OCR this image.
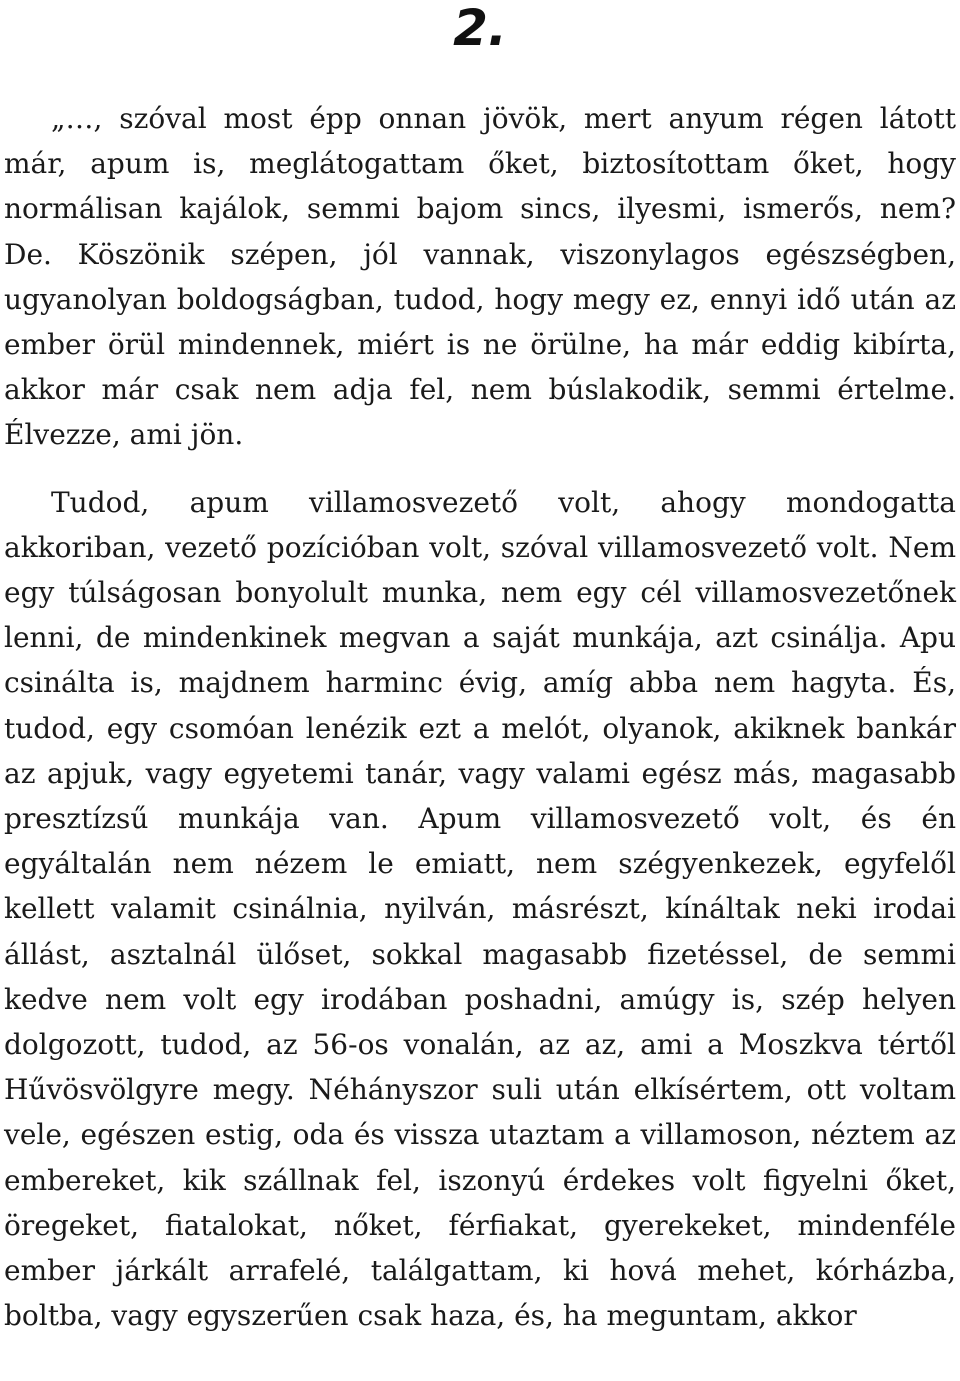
2.

„…, szóval most épp onnan jövök, mert anyum régen látott már, apum is, meglátogattam őket, biztosítottam őket, hogy normálisan kajálok, semmi bajom sincs, ilyesmi, ismerős, nem? De. Köszönik szépen, jól vannak, viszonylagos egészségben, ugyanolyan boldogságban, tudod, hogy megy ez, ennyi idő után az ember örül mindennek, miért is ne örülne, ha már eddig kibírta, akkor már csak nem adja fel, nem búslakodik, semmi értelme. Élvezze, ami jön.

Tudod, apum villamosvezető volt, ahogy mondogatta akkoriban, vezető pozícióban volt, szóval villamosvezető volt. Nem egy túlságosan bonyolult munka, nem egy cél villamosvezetőnek lenni, de mindenkinek megvan a saját munkája, azt csinálja. Apu csinálta is, majdnem harminc évig, amíg abba nem hagyta. És, tudod, egy csomóan lenézik ezt a melót, olyanok, akiknek bankár az apjuk, vagy egyetemi tanár, vagy valami egész más, magasabb presztízsű munkája van. Apum villamosvezető volt, és én egyáltalán nem nézem le emiatt, nem szégyenkezek, egyfelől kellett valamit csinálnia, nyilván, másrészt, kínáltak neki irodai állást, asztalnál ülőset, sokkal magasabb fizetéssel, de semmi kedve nem volt egy irodában poshadni, amúgy is, szép helyen dolgozott, tudod, az 56-os vonalán, az az, ami a Moszkva tértől Hűvösvölgyre megy. Néhányszor suli után elkísértem, ott voltam vele, egészen estig, oda és vissza utaztam a villamoson, néztem az embereket, kik szállnak fel, iszonyú érdekes volt figyelni őket, öregeket, fiatalokat, nőket, férfiakat, gyerekeket, mindenféle ember járkált arrafelé, találgattam, ki hová mehet, kórházba, boltba, vagy egyszerűen csak haza, és, ha meguntam, akkor
